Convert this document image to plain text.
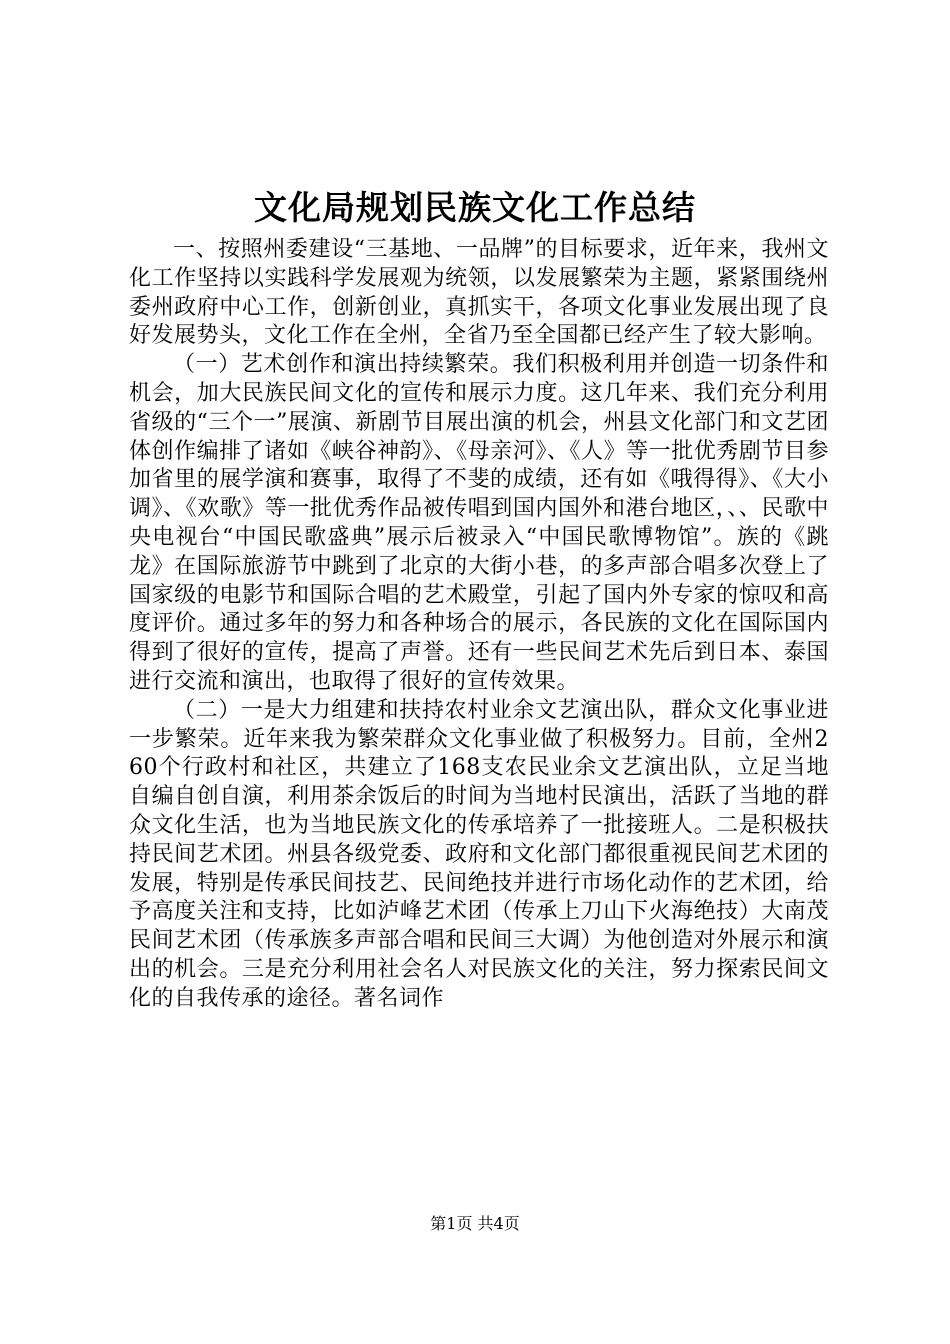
文化局规划民族文化工作总结

一、按照州委建设“三基地、一品牌”的目标要求，近年来，我州文化工作坚持以实践科学发展观为统领，以发展繁荣为主题，紧紧围绕州委州政府中心工作，创新创业，真抓实干，各项文化事业发展出现了良好发展势头，文化工作在全州，全省乃至全国都已经产生了较大影响。

（一）艺术创作和演出持续繁荣。我们积极利用并创造一切条件和机会，加大民族民间文化的宣传和展示力度。这几年来、我们充分利用省级的“三个一”展演、新剧节目展出演的机会，州县文化部门和文艺团体创作编排了诸如《峡谷神韵》、《母亲河》、《人》等一批优秀剧节目参加省里的展学演和赛事，取得了不斐的成绩，还有如《哦得得》、《大小调》、《欢歌》等一批优秀作品被传唱到国内国外和港台地区，、、民歌中央电视台“中国民歌盛典”展示后被录入“中国民歌博物馆”。族的《跳龙》在国际旅游节中跳到了北京的大街小巷，的多声部合唱多次登上了国家级的电影节和国际合唱的艺术殿堂，引起了国内外专家的惊叹和高度评价。通过多年的努力和各种场合的展示，各民族的文化在国际国内得到了很好的宣传，提高了声誉。还有一些民间艺术先后到日本、泰国进行交流和演出，也取得了很好的宣传效果。

（二）一是大力组建和扶持农村业余文艺演出队，群众文化事业进一步繁荣。近年来我为繁荣群众文化事业做了积极努力。目前，全州260个行政村和社区，共建立了168支农民业余文艺演出队，立足当地自编自创自演，利用茶余饭后的时间为当地村民演出，活跃了当地的群众文化生活，也为当地民族文化的传承培养了一批接班人。二是积极扶持民间艺术团。州县各级党委、政府和文化部门都很重视民间艺术团的发展，特别是传承民间技艺、民间绝技并进行市场化动作的艺术团，给予高度关注和支持，比如泸峰艺术团（传承上刀山下火海绝技）大南茂民间艺术团（传承族多声部合唱和民间三大调）为他创造对外展示和演出的机会。三是充分利用社会名人对民族文化的关注，努力探索民间文化的自我传承的途径。著名词作

第1页 共4页
